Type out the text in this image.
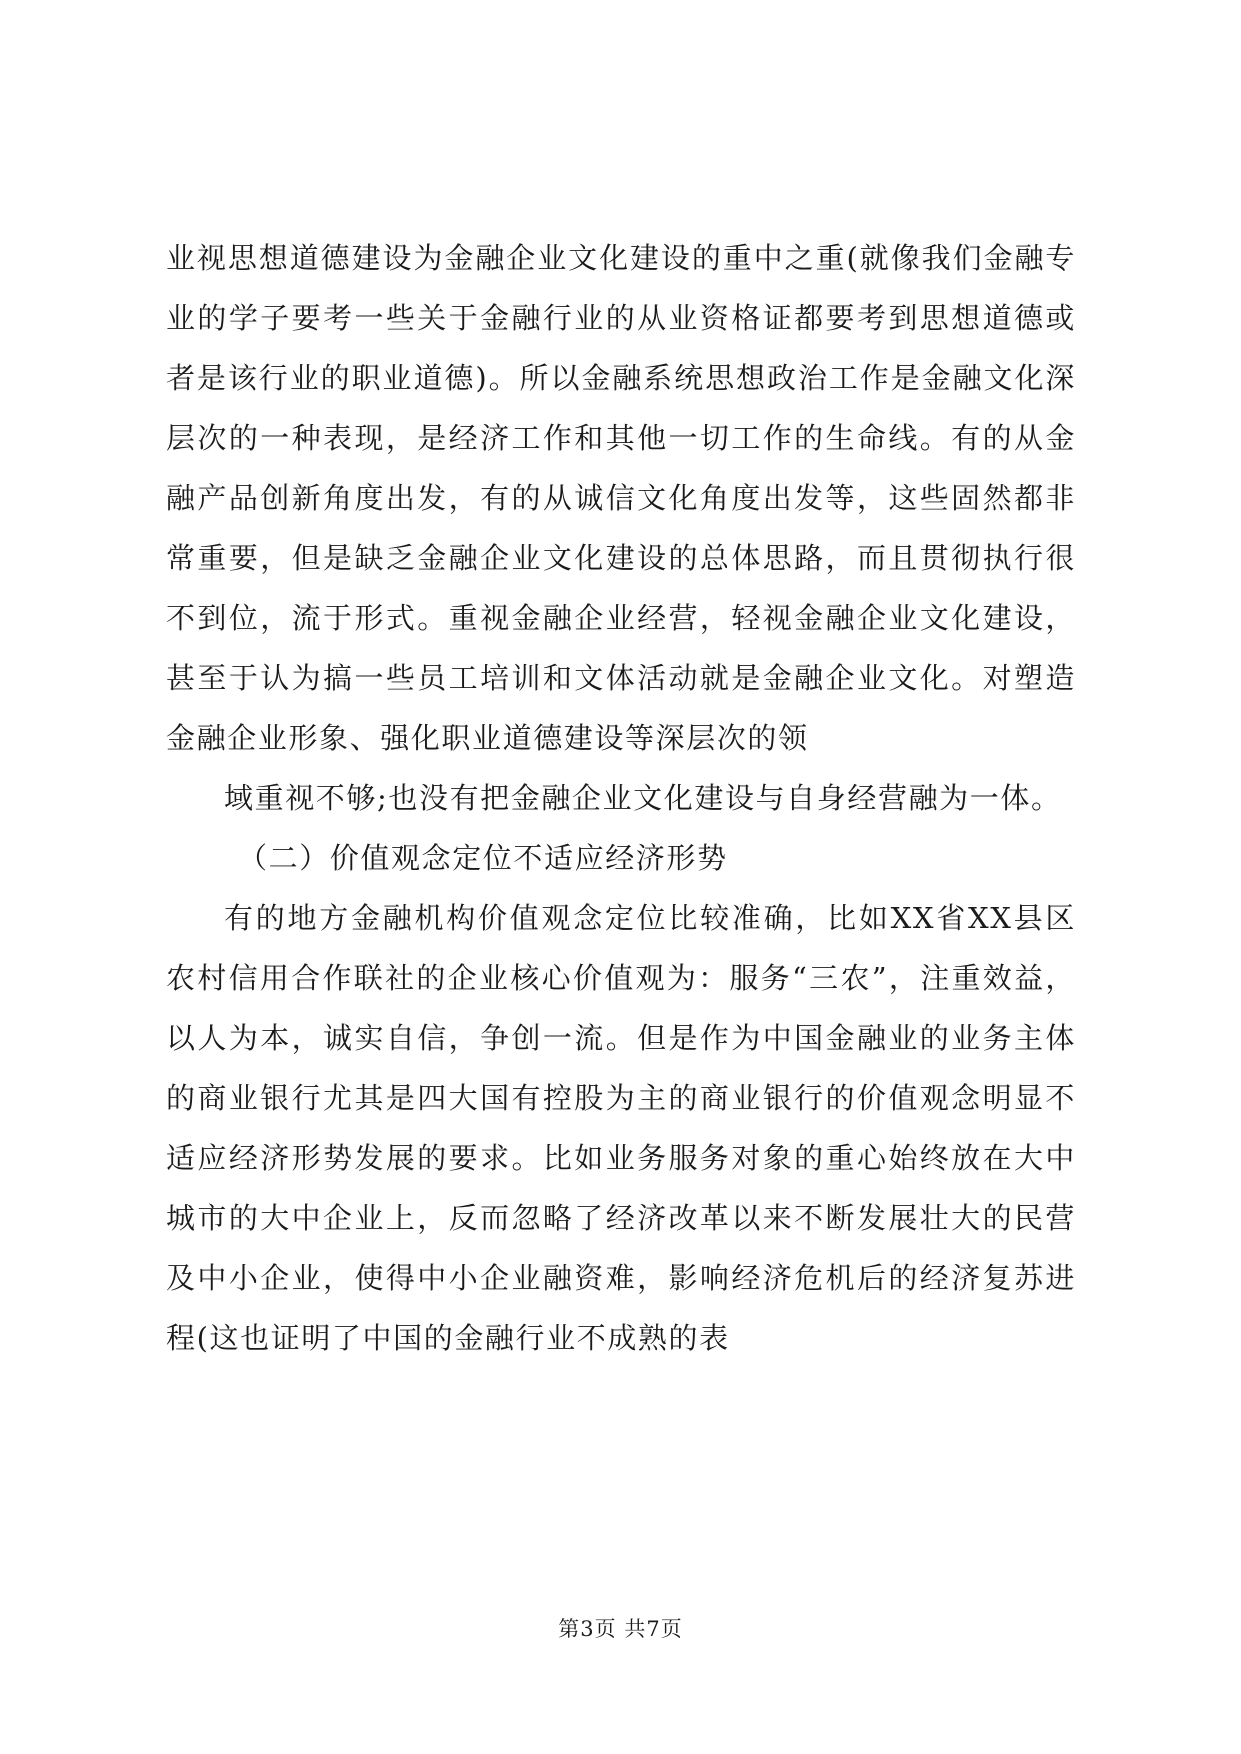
业视思想道德建设为金融企业文化建设的重中之重(就像我们金融专业的学子要考一些关于金融行业的从业资格证都要考到思想道德或者是该行业的职业道德)。所以金融系统思想政治工作是金融文化深层次的一种表现，是经济工作和其他一切工作的生命线。有的从金融产品创新角度出发，有的从诚信文化角度出发等，这些固然都非常重要，但是缺乏金融企业文化建设的总体思路，而且贯彻执行很不到位，流于形式。重视金融企业经营，轻视金融企业文化建设，甚至于认为搞一些员工培训和文体活动就是金融企业文化。对塑造金融企业形象、强化职业道德建设等深层次的领

域重视不够;也没有把金融企业文化建设与自身经营融为一体。

（二）价值观念定位不适应经济形势

有的地方金融机构价值观念定位比较准确，比如XX省XX县区农村信用合作联社的企业核心价值观为：服务“三农”，注重效益，以人为本，诚实自信，争创一流。但是作为中国金融业的业务主体的商业银行尤其是四大国有控股为主的商业银行的价值观念明显不适应经济形势发展的要求。比如业务服务对象的重心始终放在大中城市的大中企业上，反而忽略了经济改革以来不断发展壮大的民营及中小企业，使得中小企业融资难，影响经济危机后的经济复苏进程(这也证明了中国的金融行业不成熟的表

第3页 共7页
